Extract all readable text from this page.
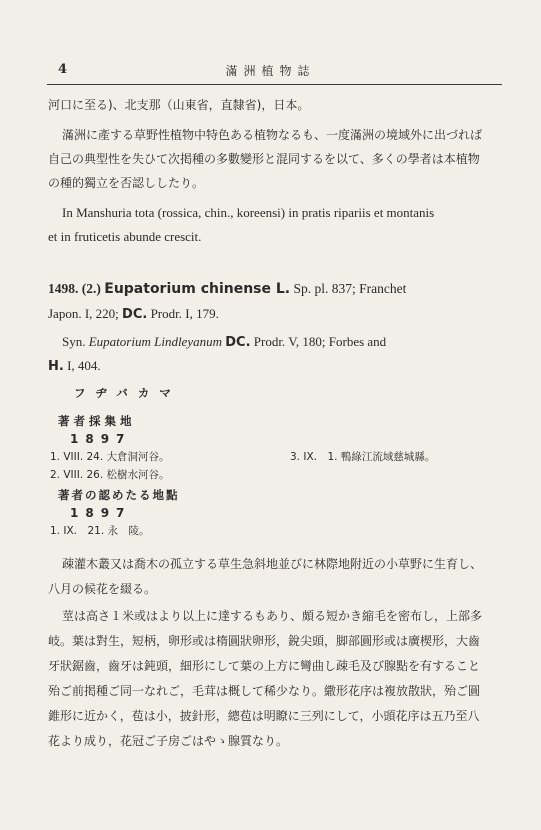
4	滿洲植物誌
河口に至る)、北支那（山東省，直隸省)，日本。
滿洲に產する草野性植物中特色ある植物なるも、一度滿洲の境域外に出づれば
自己の典型性を失ひて次掲種の多數變形と混同するを以て、多くの學者は本植物
の種的獨立を否認ししたり。
In Manshuria tota (rossica, chin., koreensi) in pratis ripariis et montanis
et in fruticetis abunde crescit.
1498. (2.) Eupatorium chinense L. Sp. pl. 837; Franchet
Japon. I, 220; DC. Prodr. I, 179.
Syn. Eupatorium Lindleyanum DC. Prodr. V, 180; Forbes and
H. I, 404.
フヂバカマ
著者採集地
1897
1. VIII. 24. 大倉洞河谷。	3. IX.　1. 鴨綠江流域慈城縣。
2. VIII. 26. 松樹水河谷。
著者の認めたる地點
1897
1. IX.　21. 永　陵。
疎灌木叢又は喬木の孤立する草生急斜地並びに林際地附近の小草野に生育し、
八月の候花を綴る。
莖は高さ１米或はより以上に達するもあり、頗る短かき縮毛を密布し，上部多
岐。葉は對生，短柄，卵形或は楕圓狀卵形，銳尖頭，脚部圓形或は廣楔形，大齒
牙狀鋸齒，齒牙は鈍頭，細形にして葉の上方に彎曲し疎毛及び腺點を有すること
殆ご前掲種ご同一なれご，毛茸は概して稀少なり。繖形花序は複放散狀，殆ご圓
錐形に近かく，苞は小，披針形，總苞は明瞭に三列にして，小頭花序は五乃至八
花より成り，花冠ご子房ごはやゝ腺質なり。
